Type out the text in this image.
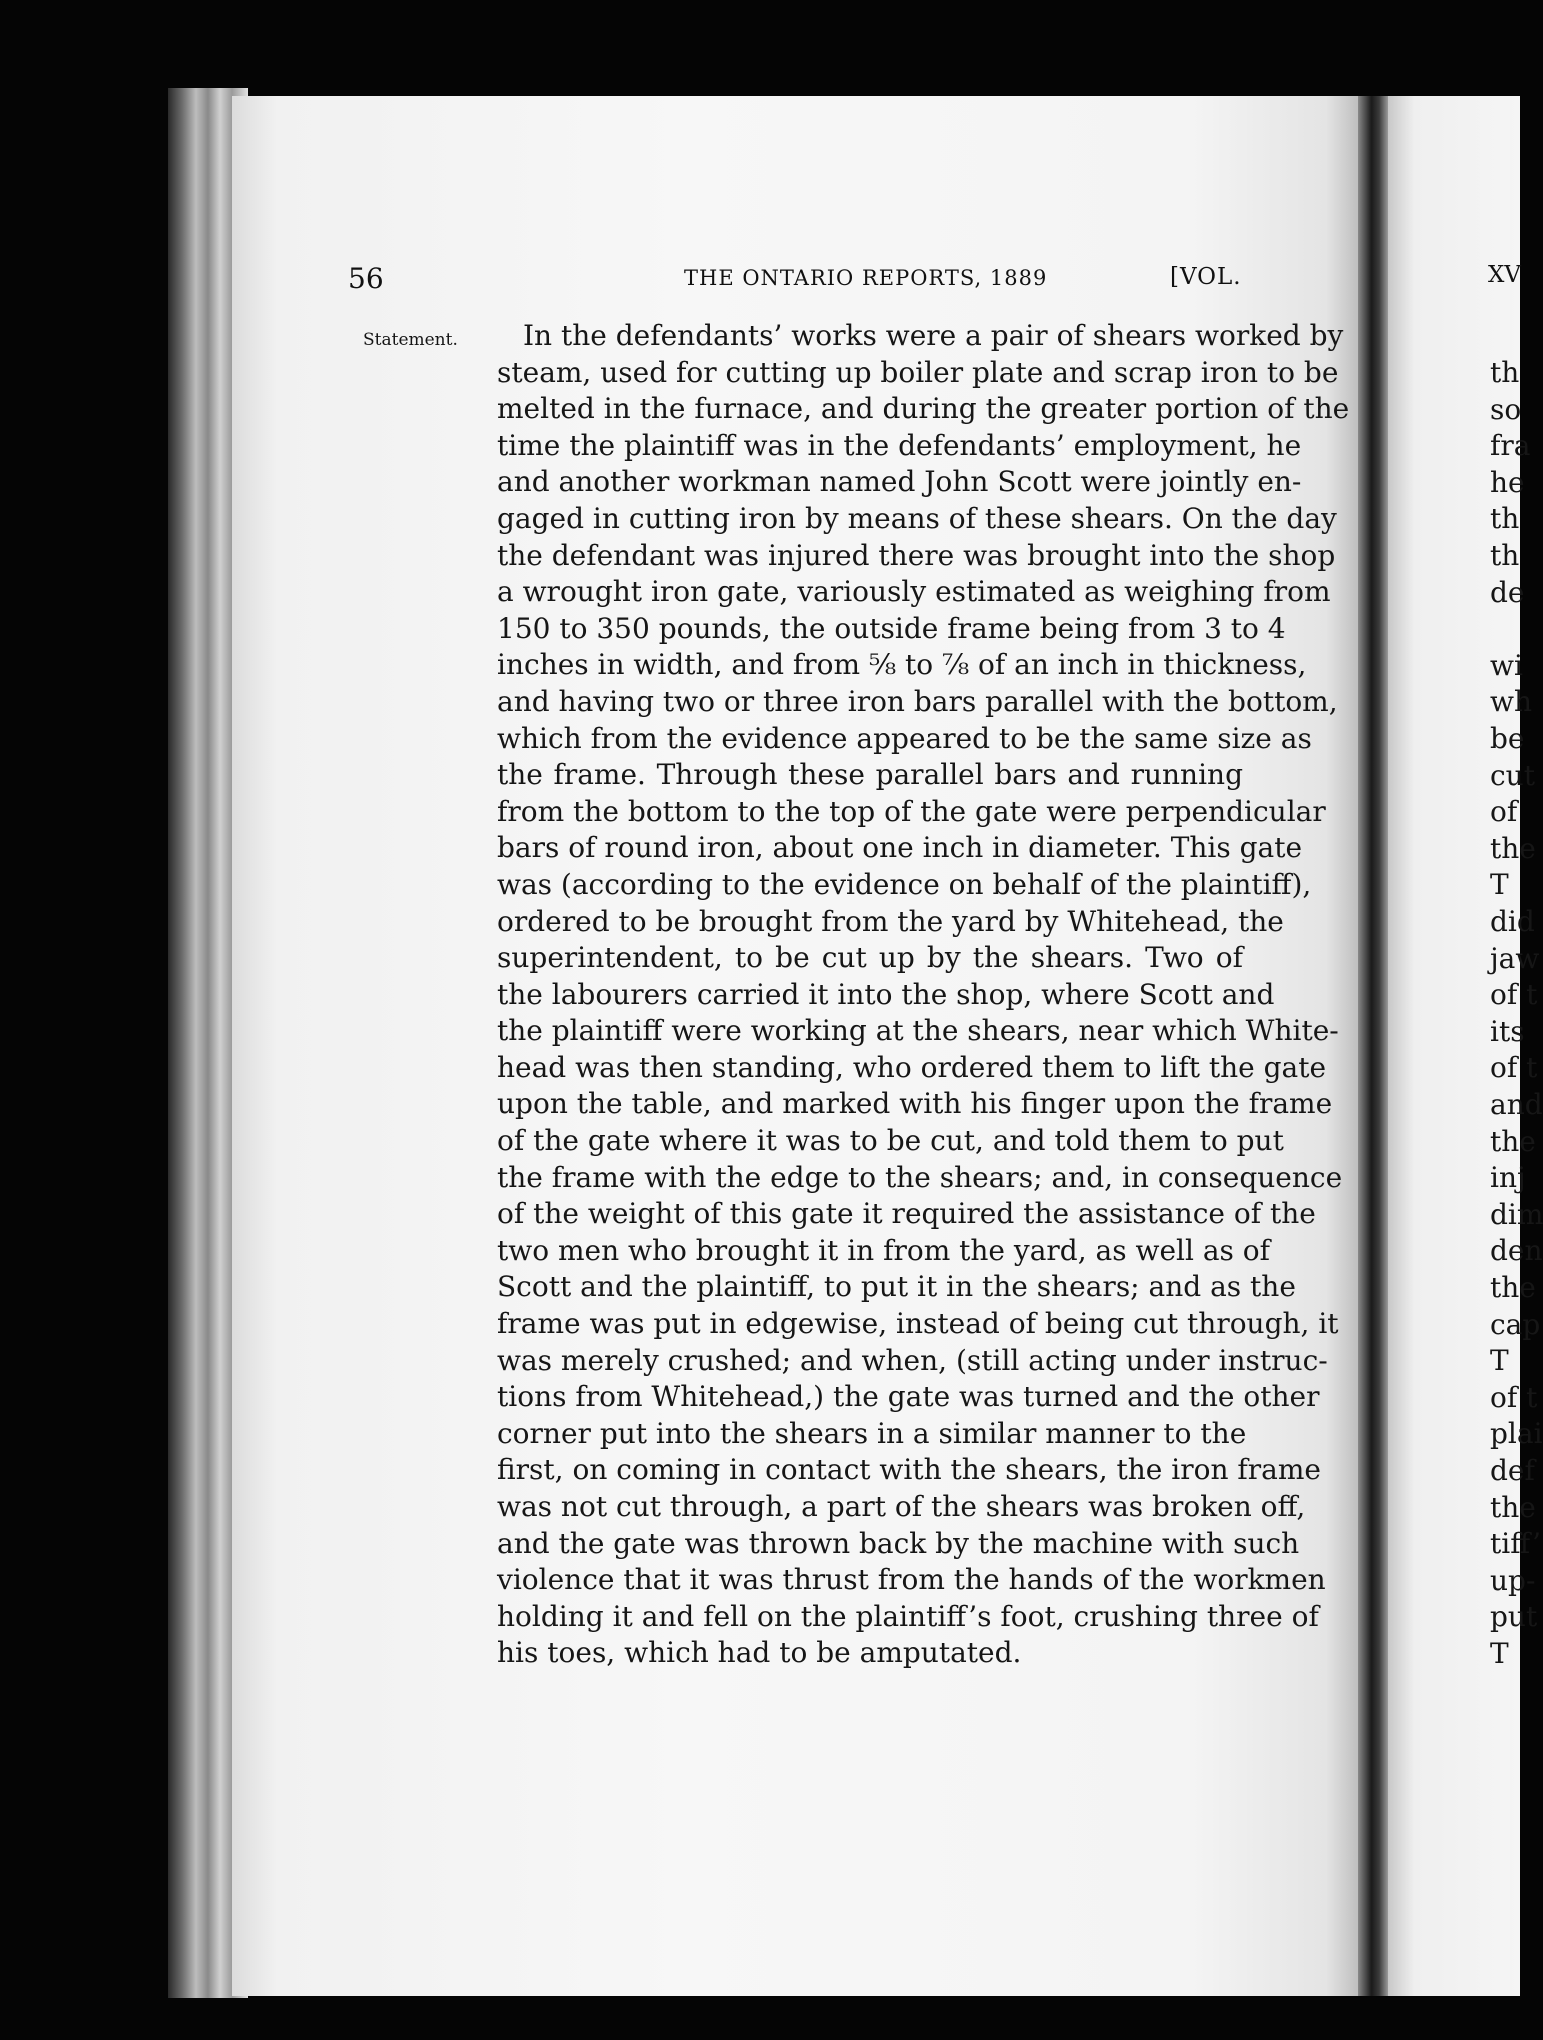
XV
th
so
fra
he
th
th
de
wi
wh
be
cut
of
the
T
did
jaw
of t
its
of t
and
the
inj
dim
den
the
cap
T
of t
plai
def
the
tiff’
up-
put
T
56	THE ONTARIO REPORTS, 1889	[VOL.
Statement.	In the defendants’ works were a pair of shears worked by
steam, used for cutting up boiler plate and scrap iron to be
melted in the furnace, and during the greater portion of the
time the plaintiff was in the defendants’ employment, he
and another workman named John Scott were jointly en-
gaged in cutting iron by means of these shears. On the day
the defendant was injured there was brought into the shop
a wrought iron gate, variously estimated as weighing from
150 to 350 pounds, the outside frame being from 3 to 4
inches in width, and from ⅝ to ⅞ of an inch in thickness,
and having two or three iron bars parallel with the bottom,
which from the evidence appeared to be the same size as
the frame. Through these parallel bars and running
from the bottom to the top of the gate were perpendicular
bars of round iron, about one inch in diameter. This gate
was (according to the evidence on behalf of the plaintiff),
ordered to be brought from the yard by Whitehead, the
superintendent, to be cut up by the shears. Two of
the labourers carried it into the shop, where Scott and
the plaintiff were working at the shears, near which White-
head was then standing, who ordered them to lift the gate
upon the table, and marked with his finger upon the frame
of the gate where it was to be cut, and told them to put
the frame with the edge to the shears; and, in consequence
of the weight of this gate it required the assistance of the
two men who brought it in from the yard, as well as of
Scott and the plaintiff, to put it in the shears; and as the
frame was put in edgewise, instead of being cut through, it
was merely crushed; and when, (still acting under instruc-
tions from Whitehead,) the gate was turned and the other
corner put into the shears in a similar manner to the
first, on coming in contact with the shears, the iron frame
was not cut through, a part of the shears was broken off,
and the gate was thrown back by the machine with such
violence that it was thrust from the hands of the workmen
holding it and fell on the plaintiff’s foot, crushing three of
his toes, which had to be amputated.
